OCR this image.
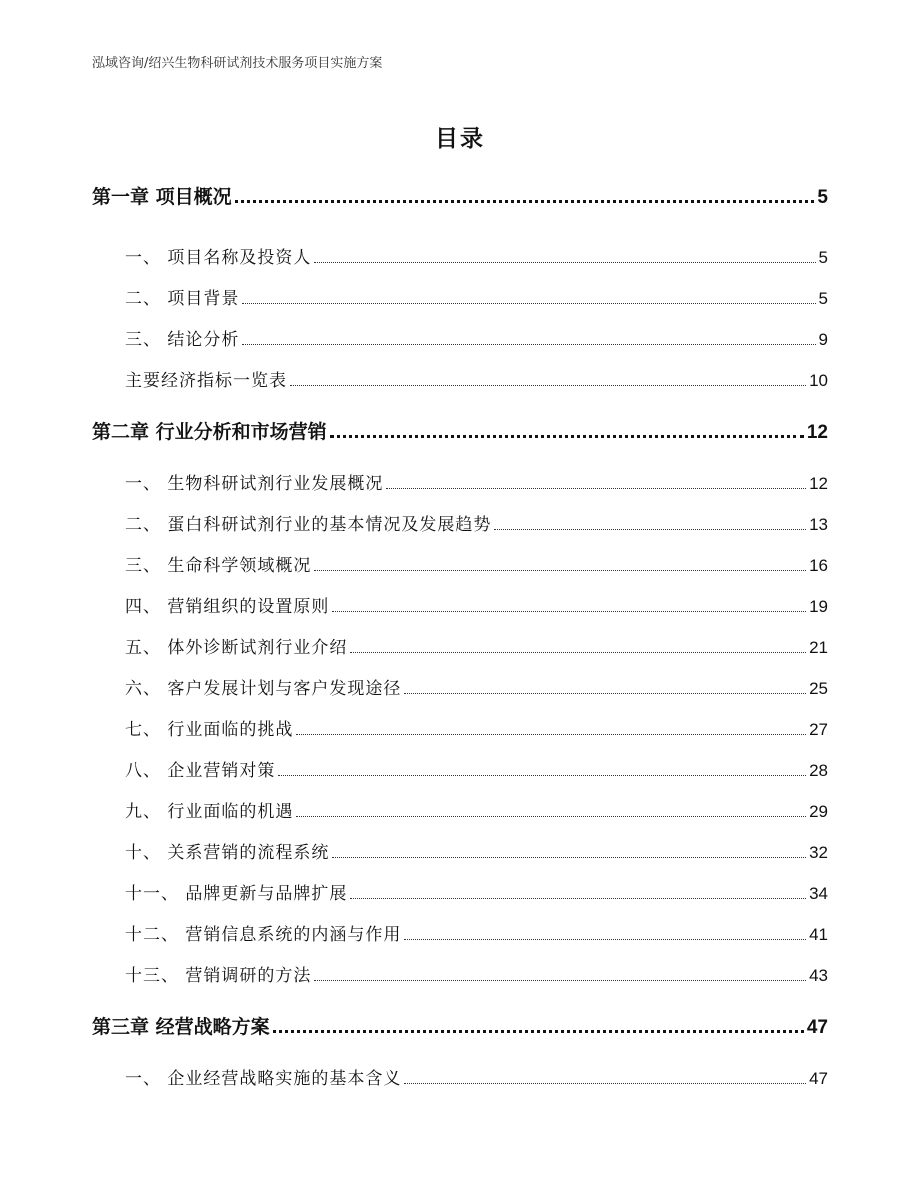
泓域咨询/绍兴生物科研试剂技术服务项目实施方案
目录
第一章 项目概况	5
一、 项目名称及投资人	5
二、 项目背景	5
三、 结论分析	9
主要经济指标一览表	10
第二章 行业分析和市场营销	12
一、 生物科研试剂行业发展概况	12
二、 蛋白科研试剂行业的基本情况及发展趋势	13
三、 生命科学领域概况	16
四、 营销组织的设置原则	19
五、 体外诊断试剂行业介绍	21
六、 客户发展计划与客户发现途径	25
七、 行业面临的挑战	27
八、 企业营销对策	28
九、 行业面临的机遇	29
十、 关系营销的流程系统	32
十一、 品牌更新与品牌扩展	34
十二、 营销信息系统的内涵与作用	41
十三、 营销调研的方法	43
第三章 经营战略方案	47
一、 企业经营战略实施的基本含义	47
